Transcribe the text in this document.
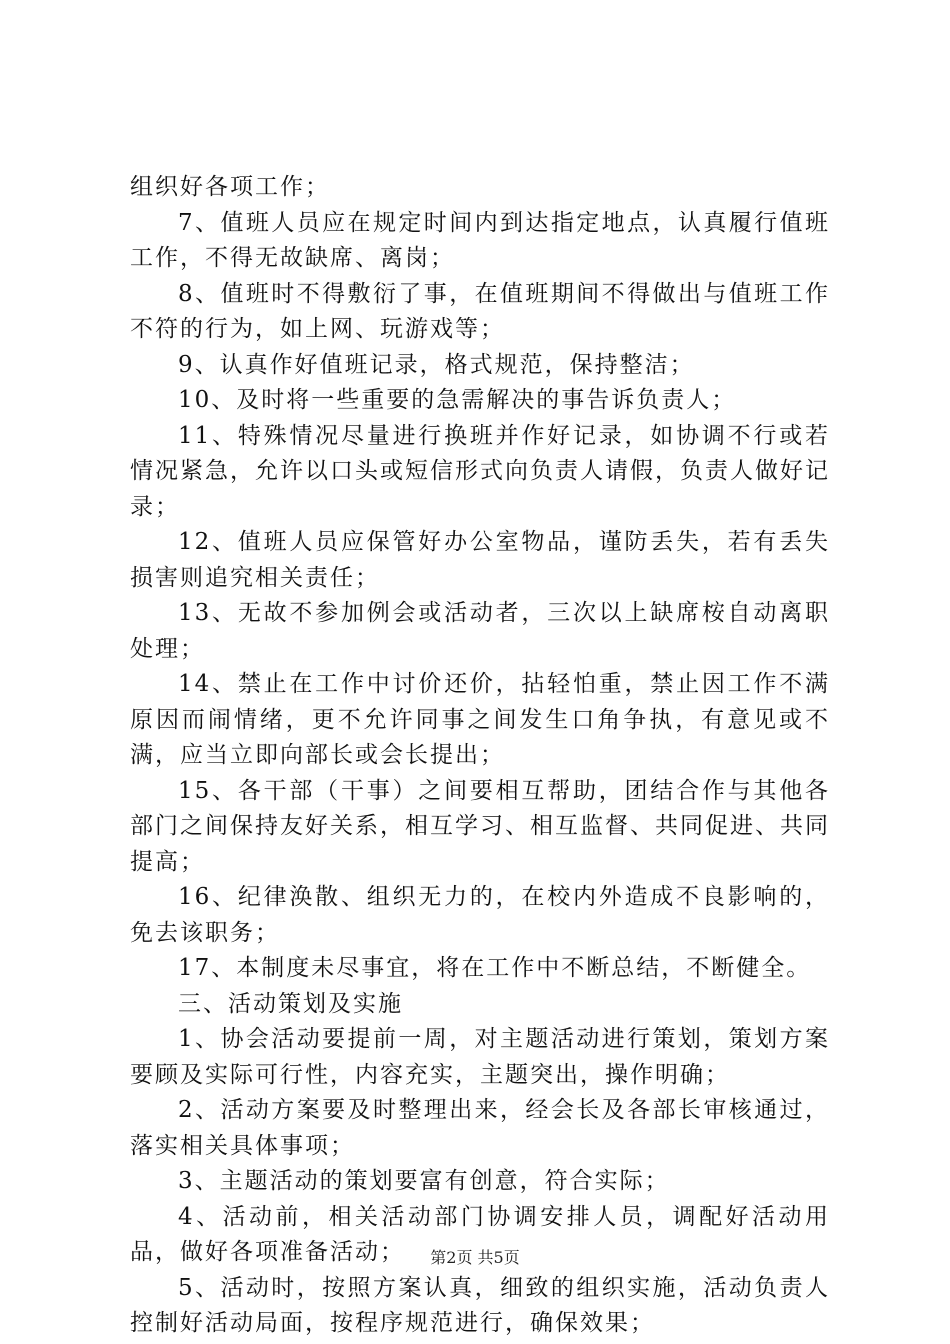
组织好各项工作；

7、值班人员应在规定时间内到达指定地点，认真履行值班工作，不得无故缺席、离岗；

8、值班时不得敷衍了事，在值班期间不得做出与值班工作不符的行为，如上网、玩游戏等；

9、认真作好值班记录，格式规范，保持整洁；

10、及时将一些重要的急需解决的事告诉负责人；

11、特殊情况尽量进行换班并作好记录，如协调不行或若情况紧急，允许以口头或短信形式向负责人请假，负责人做好记录；

12、值班人员应保管好办公室物品，谨防丢失，若有丢失损害则追究相关责任；

13、无故不参加例会或活动者，三次以上缺席桉自动离职处理；

14、禁止在工作中讨价还价，拈轻怕重，禁止因工作不满原因而闹情绪，更不允许同事之间发生口角争执，有意见或不满，应当立即向部长或会长提出；

15、各干部（干事）之间要相互帮助，团结合作与其他各部门之间保持友好关系，相互学习、相互监督、共同促进、共同提高；

16、纪律涣散、组织无力的，在校内外造成不良影响的，免去该职务；

17、本制度未尽事宜，将在工作中不断总结，不断健全。

三、活动策划及实施

1、协会活动要提前一周，对主题活动进行策划，策划方案要顾及实际可行性，内容充实，主题突出，操作明确；

2、活动方案要及时整理出来，经会长及各部长审核通过，落实相关具体事项；

3、主题活动的策划要富有创意，符合实际；

4、活动前，相关活动部门协调安排人员，调配好活动用品，做好各项准备活动；

5、活动时，按照方案认真，细致的组织实施，活动负责人控制好活动局面，按程序规范进行，确保效果；

第2页 共5页
